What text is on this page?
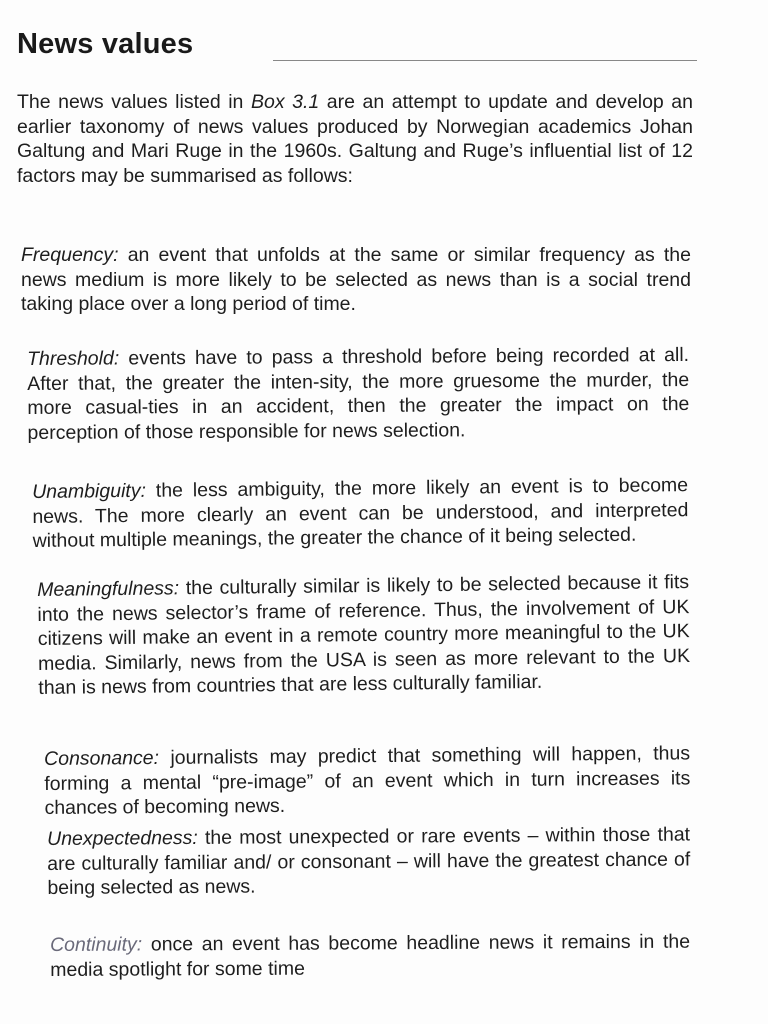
News values

The news values listed in Box 3.1 are an attempt to update and develop an earlier taxonomy of news values produced by Norwegian academics Johan Galtung and Mari Ruge in the 1960s. Galtung and Ruge’s influential list of 12 factors may be summarised as follows:

Frequency: an event that unfolds at the same or similar frequency as the news medium is more likely to be selected as news than is a social trend taking place over a long period of time.

Threshold: events have to pass a threshold before being recorded at all. After that, the greater the inten-sity, the more gruesome the murder, the more casual-ties in an accident, then the greater the impact on the perception of those responsible for news selection.

Unambiguity: the less ambiguity, the more likely an event is to become news. The more clearly an event can be understood, and interpreted without multiple meanings, the greater the chance of it being selected.

Meaningfulness: the culturally similar is likely to be selected because it fits into the news selector’s frame of reference. Thus, the involvement of UK citizens will make an event in a remote country more meaningful to the UK media. Similarly, news from the USA is seen as more relevant to the UK than is news from countries that are less culturally familiar.

Consonance: journalists may predict that something will happen, thus forming a mental “pre-image” of an event which in turn increases its chances of becoming news.

Unexpectedness: the most unexpected or rare events – within those that are culturally familiar and/ or consonant – will have the greatest chance of being selected as news.

Continuity: once an event has become headline news it remains in the media spotlight for some time
